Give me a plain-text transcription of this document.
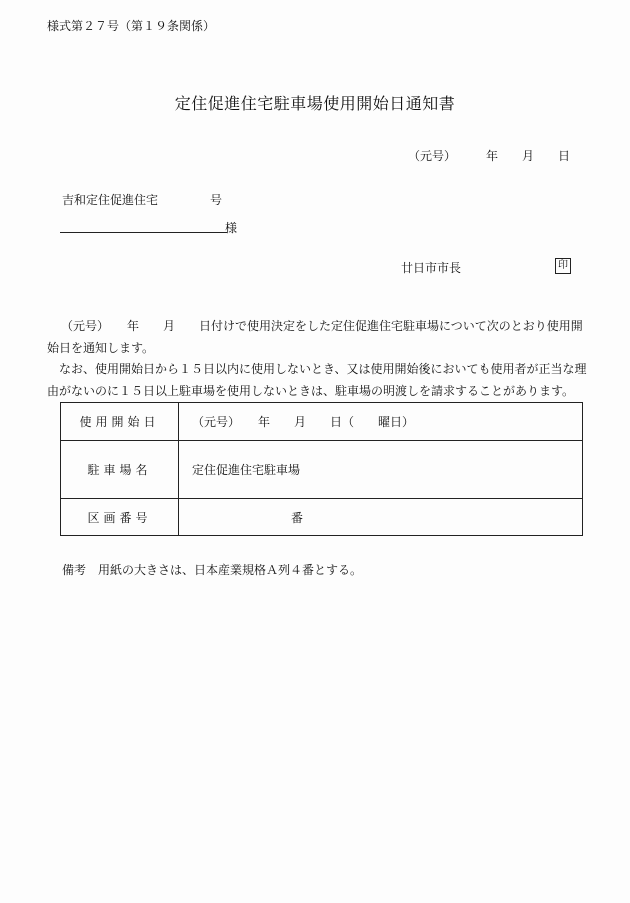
様式第２７号（第１９条関係）
定住促進住宅駐車場使用開始日通知書
（元号）	年 月 日
吉和定住促進住宅	号
様
廿日市市長	印
（元号）　　年　　月　　日付けで使用決定をした定住促進住宅駐車場について次のとおり使用開始日を通知します。
なお、使用開始日から１５日以内に使用しないとき、又は使用開始後においても使用者が正当な理由がないのに１５日以上駐車場を使用しないときは、駐車場の明渡しを請求することがあります。
使用開始日	（元号）　　年　　月　　日（　　曜日）
駐車場名	定住促進住宅駐車場
区画番号	番
備考　用紙の大きさは、日本産業規格Ａ列４番とする。
